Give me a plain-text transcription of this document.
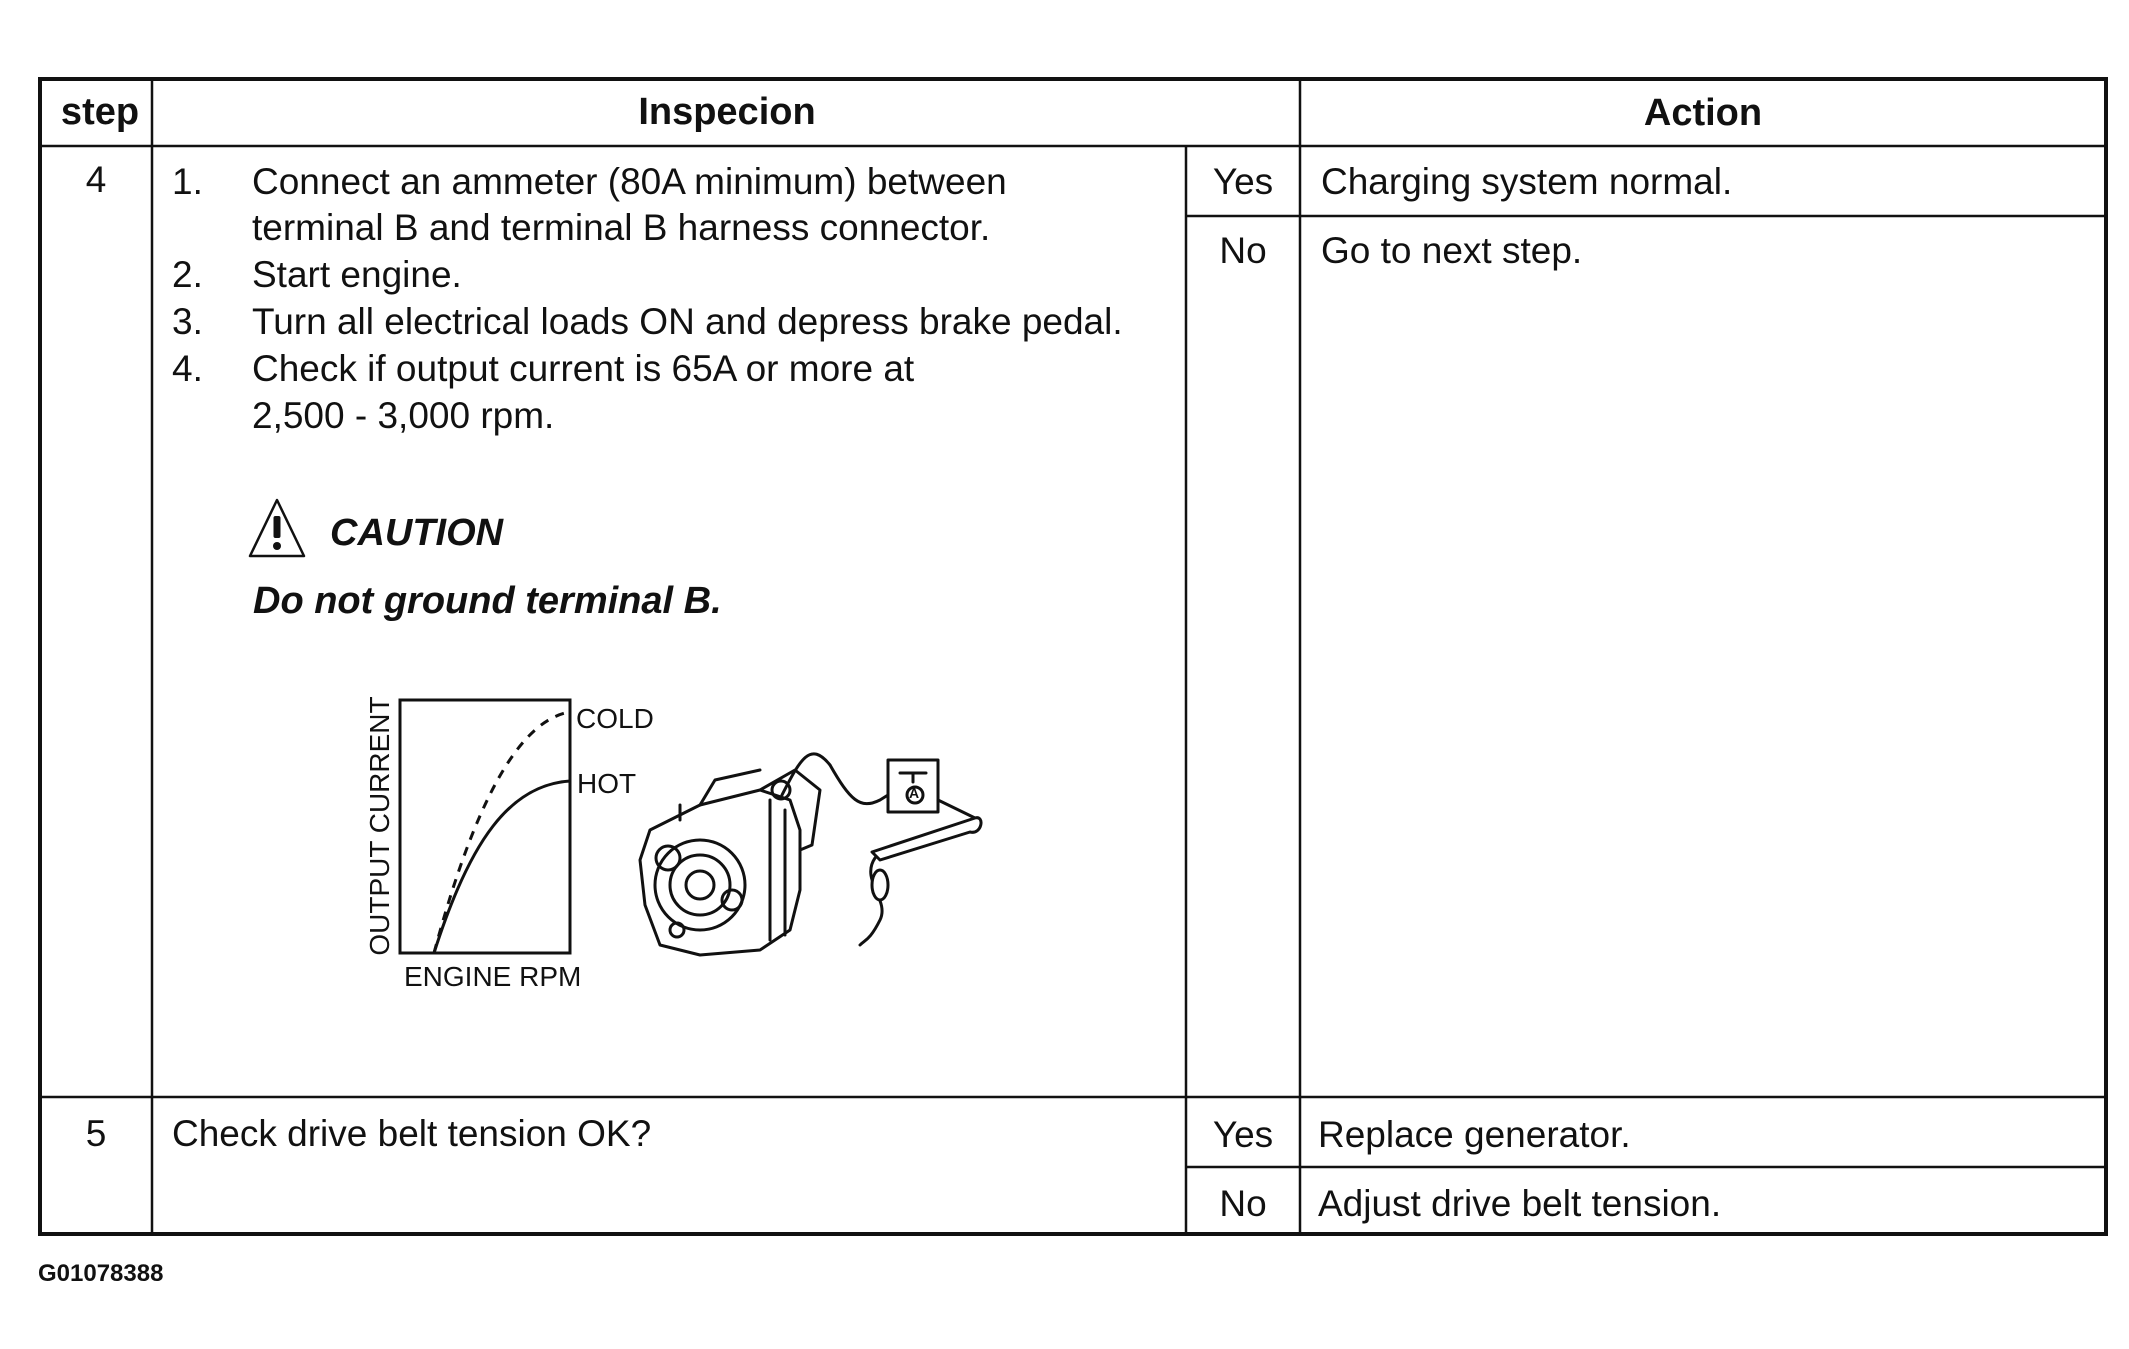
step	Inspecion	Action
4 1. Connect an ammeter (80A minimum) between
terminal B and terminal B harness connector.
2. Start engine.
3. Turn all electrical loads ON and depress brake pedal.
4. Check if output current is 65A or more at
2,500 - 3,000 rpm.
CAUTION
Do not ground terminal B.
OUTPUT CURRENT
ENGINE RPM
COLD
HOT	A
Yes Charging system normal.
No Go to next step.
5 Check drive belt tension OK?	Yes Replace generator.
No Adjust drive belt tension.
G01078388
